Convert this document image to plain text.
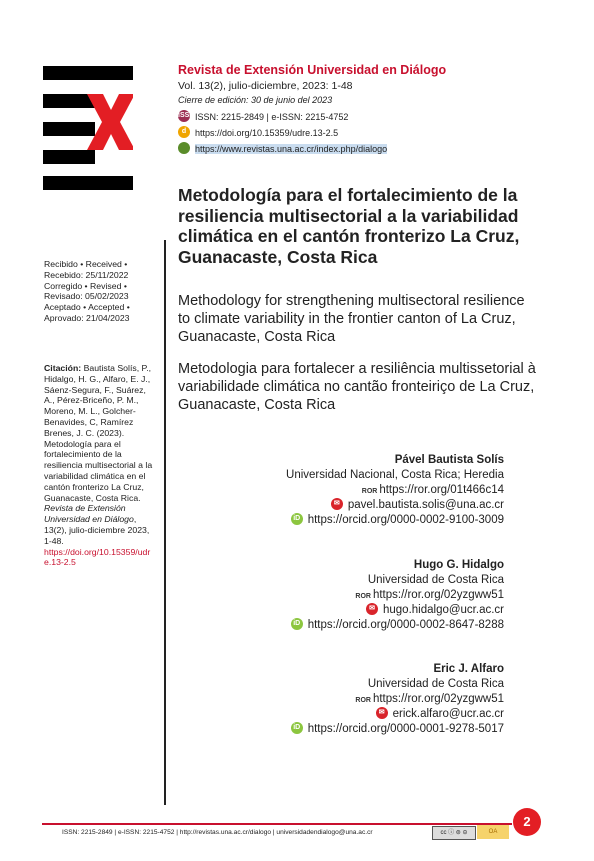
Revista de Extensión Universidad en Diálogo
Vol. 13(2), julio-diciembre, 2023: 1-48
Cierre de edición: 30 de junio del 2023
ISSN ISSN: 2215-2849 | e-ISSN: 2215-4752
d https://doi.org/10.15359/udre.13-2.5
https://www.revistas.una.ac.cr/index.php/dialogo
Metodología para el fortalecimiento de la resiliencia multisectorial a la variabilidad climática en el cantón fronterizo La Cruz, Guanacaste, Costa Rica
Methodology for strengthening multisectoral resilience to climate variability in the frontier canton of La Cruz, Guanacaste, Costa Rica
Metodologia para fortalecer a resiliência multissetorial à variabilidade climática no cantão fronteiriço de La Cruz, Guanacaste, Costa Rica
Recibido • Received •
Recebido: 25/11/2022
Corregido • Revised •
Revisado: 05/02/2023
Aceptado • Accepted •
Aprovado: 21/04/2023
Citación: Bautista Solís, P., Hidalgo, H. G., Alfaro, E. J., Sáenz-Segura, F., Suárez, A., Pérez-Briceño, P. M., Moreno, M. L., Golcher-Benavides, C, Ramírez Brenes, J. C. (2023). Metodología para el fortalecimiento de la resiliencia multisectorial a la variabilidad climática en el cantón fronterizo La Cruz, Guanacaste, Costa Rica. Revista de Extensión Universidad en Diálogo, 13(2), julio-diciembre 2023, 1-48.
https://doi.org/10.15359/udre.13-2.5
Pável Bautista Solís
Universidad Nacional, Costa Rica; Heredia
ROR https://ror.org/01t466c14
✉ pavel.bautista.solis@una.ac.cr
iD https://orcid.org/0000-0002-9100-3009
Hugo G. Hidalgo
Universidad de Costa Rica
ROR https://ror.org/02yzgww51
✉ hugo.hidalgo@ucr.ac.cr
iD https://orcid.org/0000-0002-8647-8288
Eric J. Alfaro
Universidad de Costa Rica
ROR https://ror.org/02yzgww51
✉ erick.alfaro@ucr.ac.cr
iD https://orcid.org/0000-0001-9278-5017
ISSN: 2215-2849 | e-ISSN: 2215-4752 | http://revistas.una.ac.cr/dialogo | universidadendialogo@una.ac.cr	cc ⓘ ⊜ ⊝	OA
2
